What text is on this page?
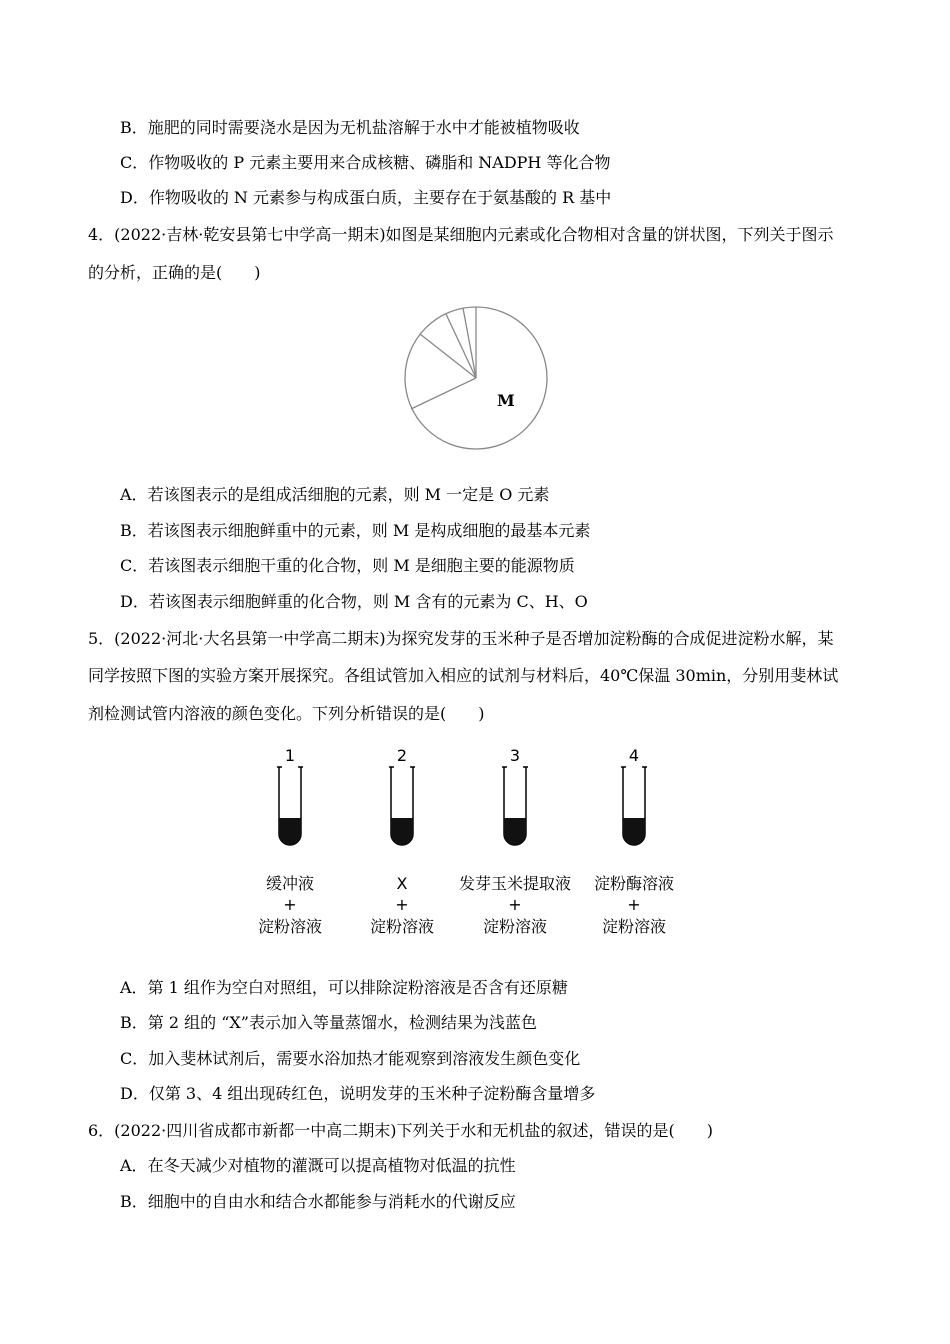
B．施肥的同时需要浇水是因为无机盐溶解于水中才能被植物吸收
C．作物吸收的 P 元素主要用来合成核糖、磷脂和 NADPH 等化合物
D．作物吸收的 N 元素参与构成蛋白质，主要存在于氨基酸的 R 基中
4．(2022·吉林·乾安县第七中学高一期末)如图是某细胞内元素或化合物相对含量的饼状图，下列关于图示
的分析，正确的是(　　)
M
A．若该图表示的是组成活细胞的元素，则 M 一定是 O 元素
B．若该图表示细胞鲜重中的元素，则 M 是构成细胞的最基本元素
C．若该图表示细胞干重的化合物，则 M 是细胞主要的能源物质
D．若该图表示细胞鲜重的化合物，则 M 含有的元素为 C、H、O
5．(2022·河北·大名县第一中学高二期末)为探究发芽的玉米种子是否增加淀粉酶的合成促进淀粉水解，某
同学按照下图的实验方案开展探究。各组试管加入相应的试剂与材料后，40℃保温 30min，分别用斐林试
剂检测试管内溶液的颜色变化。下列分析错误的是(　　)
1
缓冲液
+
淀粉溶液
2
X
+
淀粉溶液
3
发芽玉米提取液
+
淀粉溶液
4
淀粉酶溶液
+
淀粉溶液
A．第 1 组作为空白对照组，可以排除淀粉溶液是否含有还原糖
B．第 2 组的 “X”表示加入等量蒸馏水，检测结果为浅蓝色
C．加入斐林试剂后，需要水浴加热才能观察到溶液发生颜色变化
D．仅第 3、4 组出现砖红色，说明发芽的玉米种子淀粉酶含量增多
6．(2022·四川省成都市新都一中高二期末)下列关于水和无机盐的叙述，错误的是(　　)
A．在冬天减少对植物的灌溉可以提高植物对低温的抗性
B．细胞中的自由水和结合水都能参与消耗水的代谢反应
